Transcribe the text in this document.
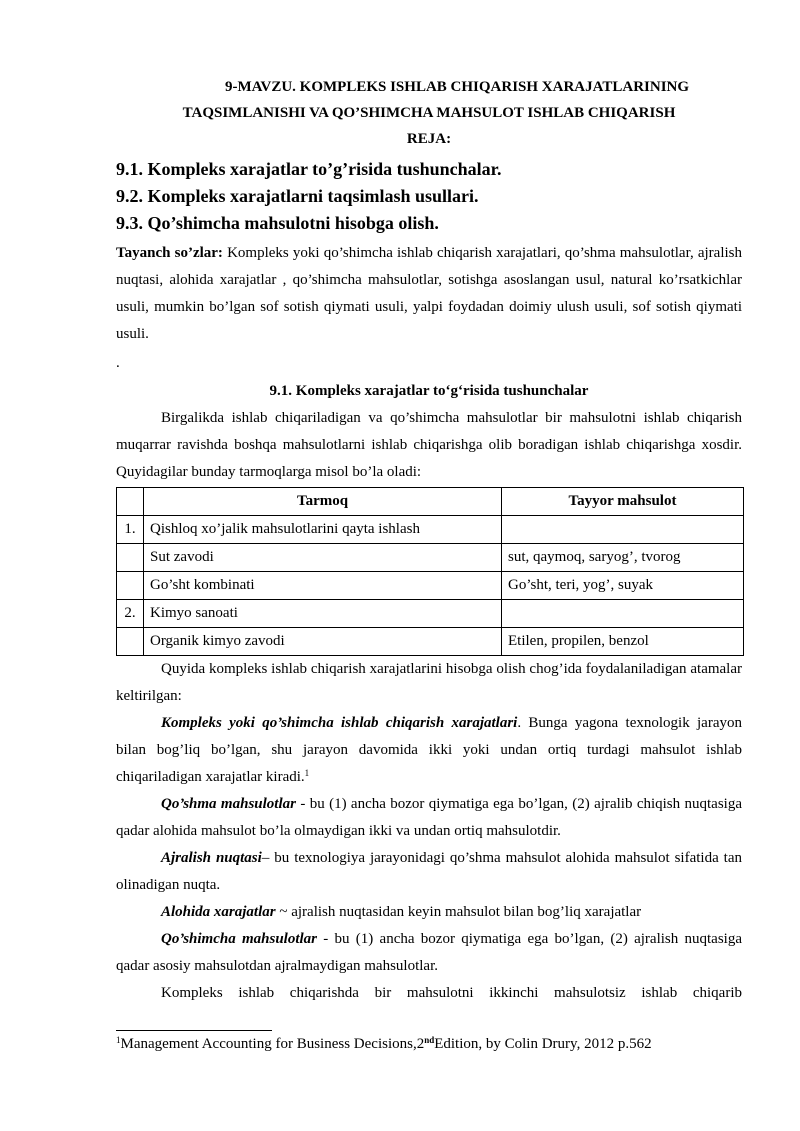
9-MAVZU. KOMPLEKS ISHLAB CHIQARISH XARAJATLARINING
TAQSIMLANISHI VA QO’SHIMCHA MAHSULOT ISHLAB CHIQARISH
REJA:
9.1. Kompleks xarajatlar to’g’risida tushunchalar.
9.2. Kompleks xarajatlarni taqsimlash usullari.
9.3. Qo’shimcha mahsulotni hisobga olish.

Tayanch so’zlar: Kompleks yoki qo’shimcha ishlab chiqarish xarajatlari, qo’shma mahsulotlar, ajralish nuqtasi, alohida xarajatlar , qo’shimcha mahsulotlar, sotishga asoslangan usul, natural ko’rsatkichlar usuli, mumkin bo’lgan sof sotish qiymati usuli, yalpi foydadan doimiy ulush usuli, sof sotish qiymati usuli.

.
9.1. Kompleks xarajatlar to‘g‘risida tushunchalar

Birgalikda ishlab chiqariladigan va qo’shimcha mahsulotlar bir mahsulotni ishlab chiqarish muqarrar ravishda boshqa mahsulotlarni ishlab chiqarishga olib boradigan ishlab chiqarishga xosdir. Quyidagilar bunday tarmoqlarga misol bo’la oladi:

	Tarmoq	Tayyor mahsulot
1.	Qishloq xo’jalik mahsulotlarini qayta ishlash	
	Sut zavodi	sut, qaymoq, saryog’, tvorog
	Go’sht kombinati	Go’sht, teri, yog’, suyak
2.	Kimyo sanoati	
	Organik kimyo zavodi	Etilen, propilen, benzol

Quyida kompleks ishlab chiqarish xarajatlarini hisobga olish chog’ida foydalaniladigan atamalar keltirilgan:

Kompleks yoki qo’shimcha ishlab chiqarish xarajatlari. Bunga yagona texnologik jarayon bilan bog’liq bo’lgan, shu jarayon davomida ikki yoki undan ortiq turdagi mahsulot ishlab chiqariladigan xarajatlar kiradi.$^1$

Qo’shma mahsulotlar - bu (1) ancha bozor qiymatiga ega bo’lgan, (2) ajralib chiqish nuqtasiga qadar alohida mahsulot bo’la olmaydigan ikki va undan ortiq mahsulotdir.

Ajralish nuqtasi– bu texnologiya jarayonidagi qo’shma mahsulot alohida mahsulot sifatida tan olinadigan nuqta.

Alohida xarajatlar ~ ajralish nuqtasidan keyin mahsulot bilan bog’liq xarajatlar

Qo’shimcha mahsulotlar - bu (1) ancha bozor qiymatiga ega bo’lgan, (2) ajralish nuqtasiga qadar asosiy mahsulotdan ajralmaydigan mahsulotlar.

Kompleks ishlab chiqarishda bir mahsulotni ikkinchi mahsulotsiz ishlab chiqarib

$^1$Management Accounting for Business Decisions,2ndEdition, by Colin Drury, 2012 p.562
